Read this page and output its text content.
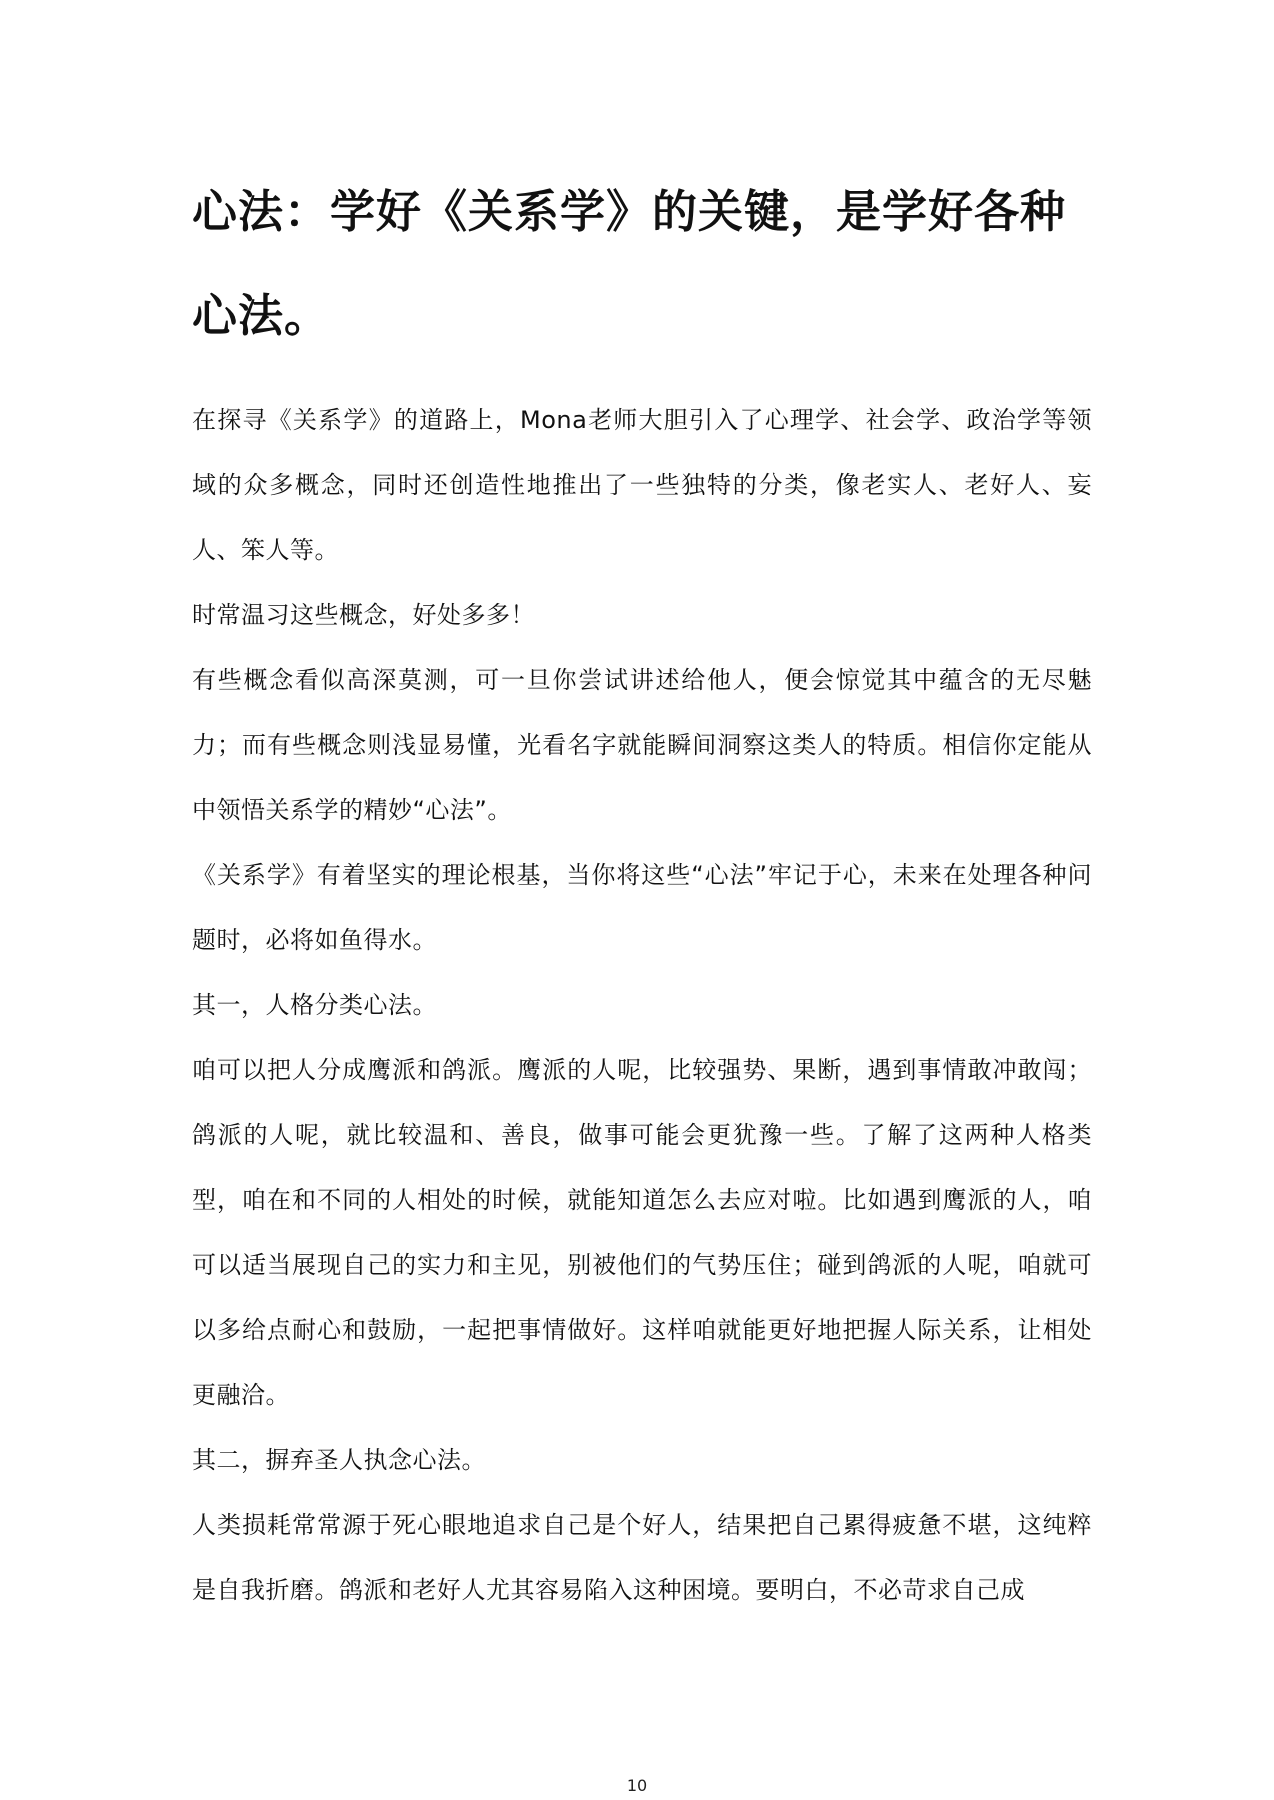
心法：学好《关系学》的关键，是学好各种心法。

在探寻《关系学》的道路上，Mona老师大胆引入了心理学、社会学、政治学等领域的众多概念，同时还创造性地推出了一些独特的分类，像老实人、老好人、妄人、笨人等。

时常温习这些概念，好处多多！

有些概念看似高深莫测，可一旦你尝试讲述给他人，便会惊觉其中蕴含的无尽魅力；而有些概念则浅显易懂，光看名字就能瞬间洞察这类人的特质。相信你定能从中领悟关系学的精妙“心法”。

《关系学》有着坚实的理论根基，当你将这些“心法”牢记于心，未来在处理各种问题时，必将如鱼得水。

其一，人格分类心法。

咱可以把人分成鹰派和鸽派。鹰派的人呢，比较强势、果断，遇到事情敢冲敢闯；鸽派的人呢，就比较温和、善良，做事可能会更犹豫一些。了解了这两种人格类型，咱在和不同的人相处的时候，就能知道怎么去应对啦。比如遇到鹰派的人，咱可以适当展现自己的实力和主见，别被他们的气势压住；碰到鸽派的人呢，咱就可以多给点耐心和鼓励，一起把事情做好。这样咱就能更好地把握人际关系，让相处更融洽。

其二，摒弃圣人执念心法。

人类损耗常常源于死心眼地追求自己是个好人，结果把自己累得疲惫不堪，这纯粹是自我折磨。鸽派和老好人尤其容易陷入这种困境。要明白，不必苛求自己成

10
